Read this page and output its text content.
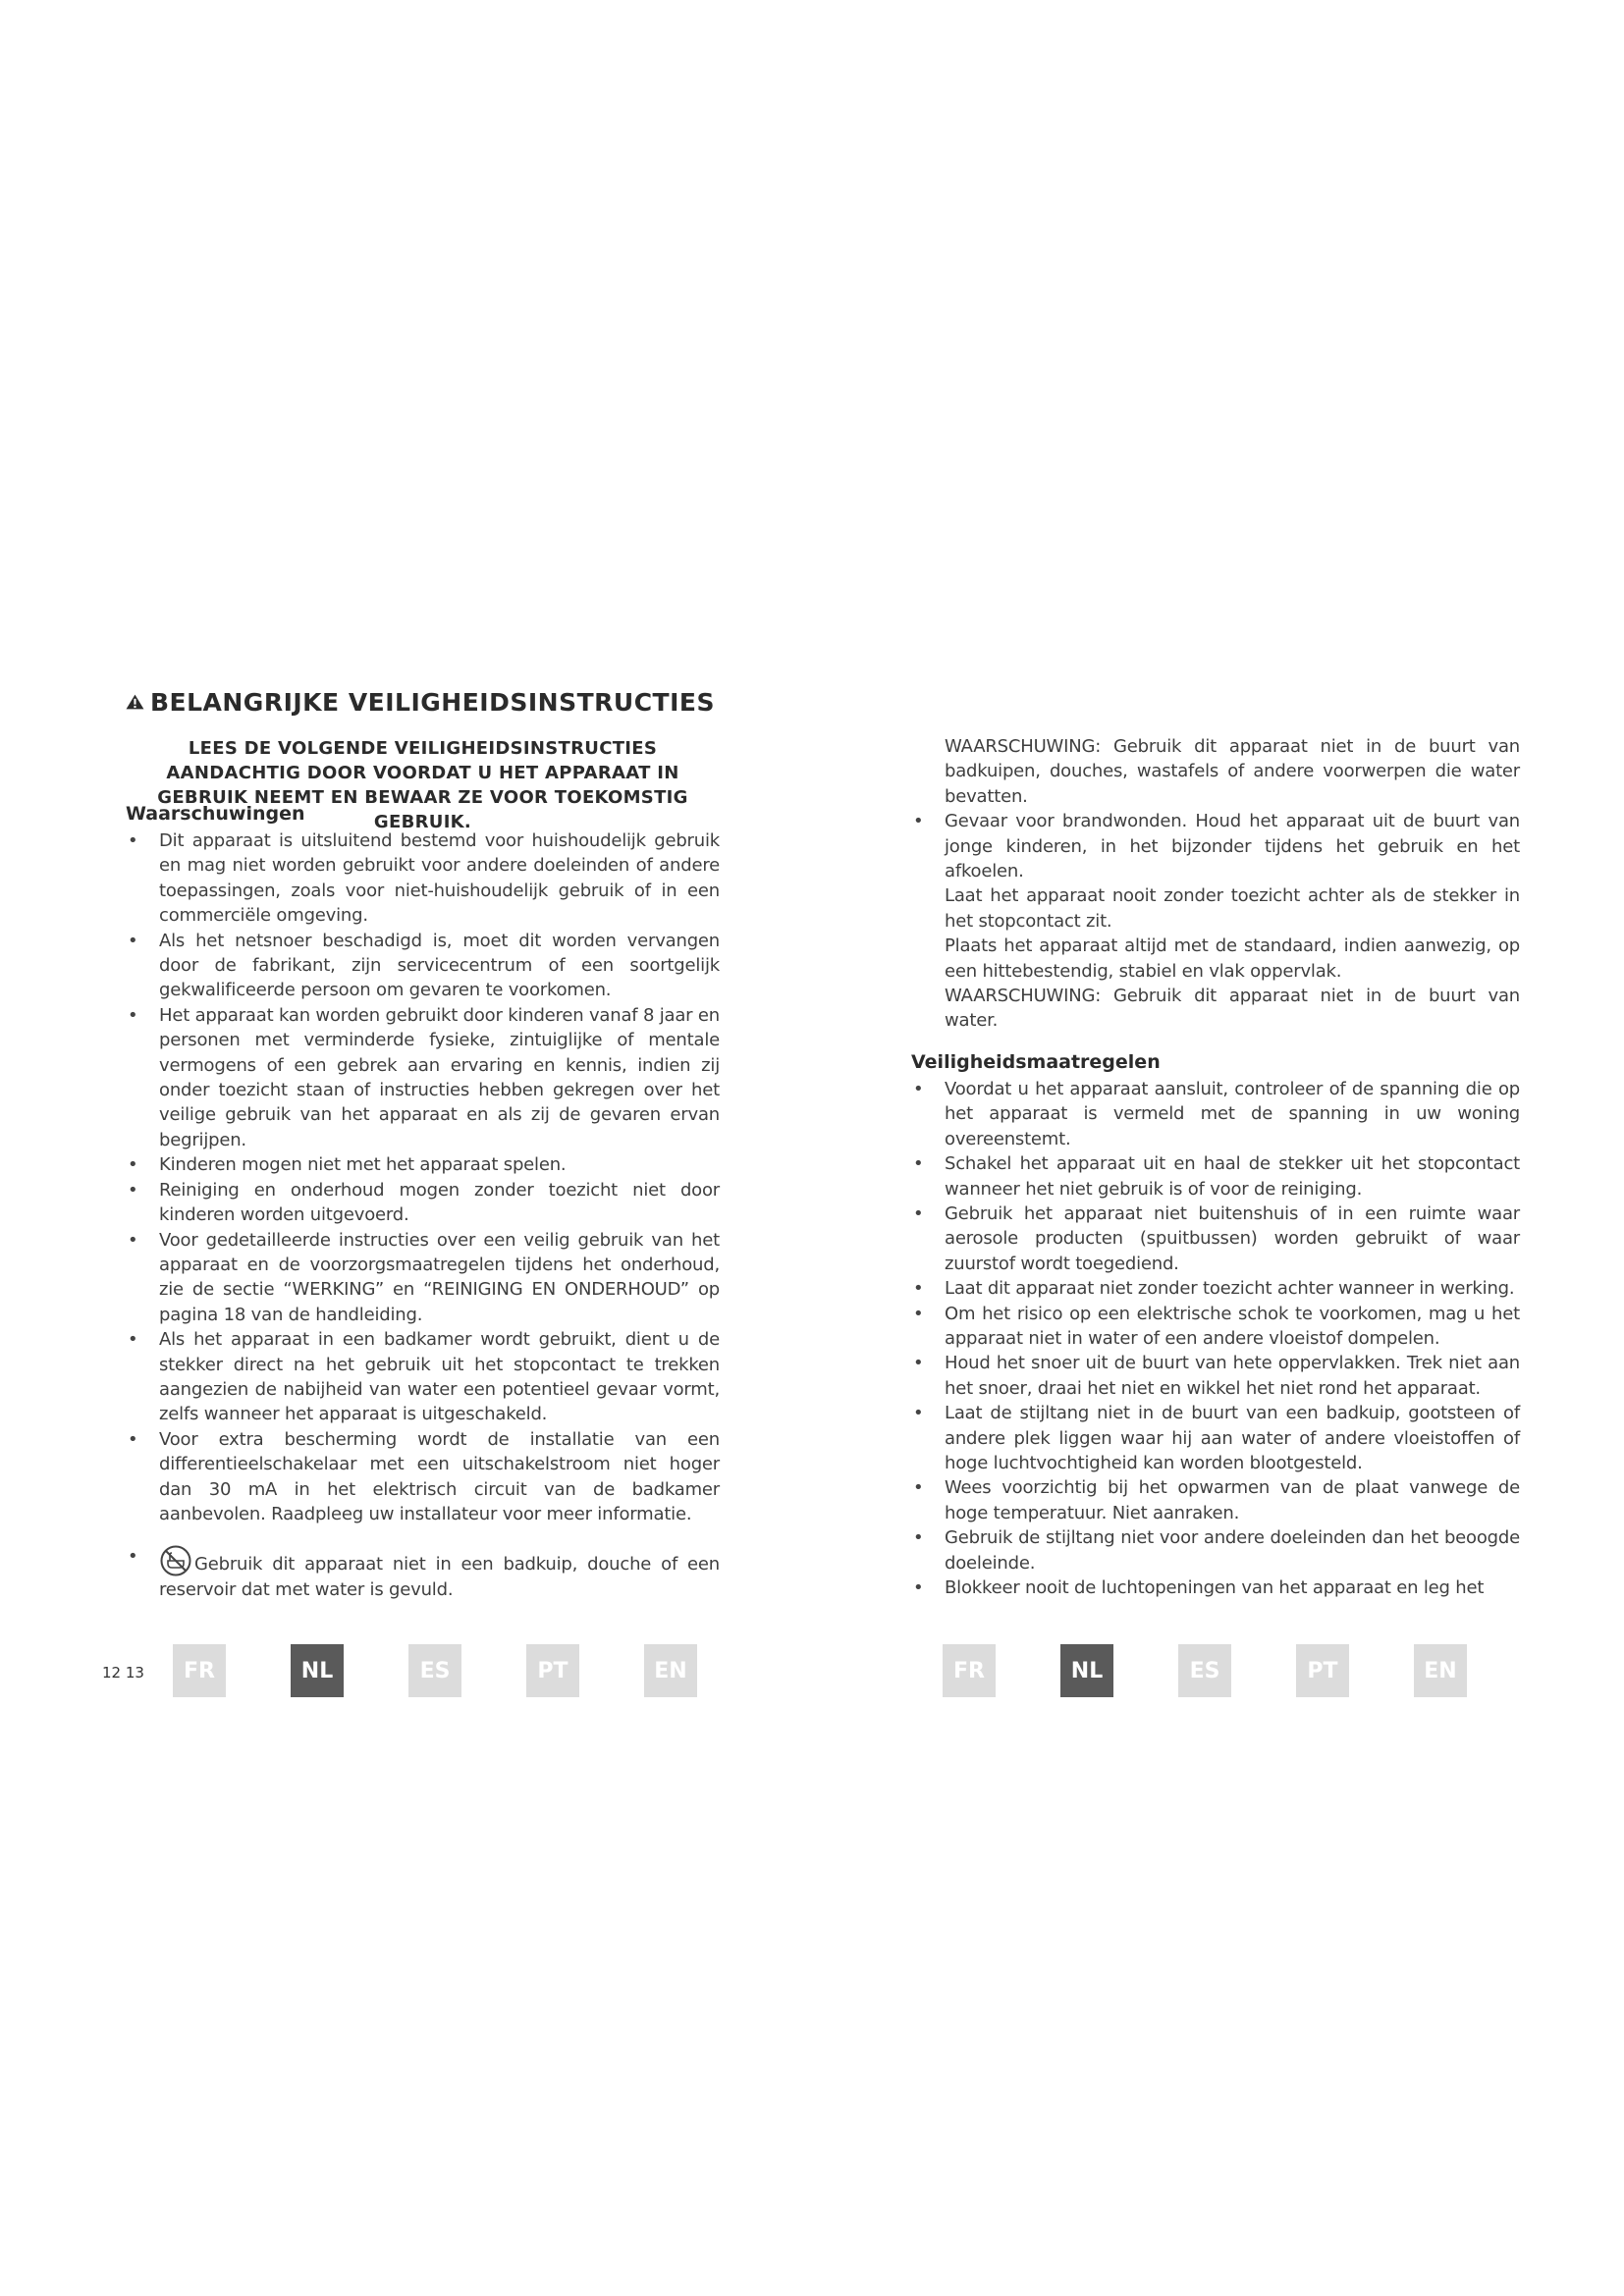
BELANGRIJKE VEILIGHEIDSINSTRUCTIES
LEES DE VOLGENDE VEILIGHEIDSINSTRUCTIES AANDACHTIG DOOR VOORDAT U HET APPARAAT IN GEBRUIK NEEMT EN BEWAAR ZE VOOR TOEKOMSTIG GEBRUIK.
Waarschuwingen
• Dit apparaat is uitsluitend bestemd voor huishoudelijk gebruik en mag niet worden gebruikt voor andere doeleinden of andere toepassingen, zoals voor niet-huishoudelijk gebruik of in een commerciële omgeving.
• Als het netsnoer beschadigd is, moet dit worden vervangen door de fabrikant, zijn servicecentrum of een soortgelijk gekwalificeerde persoon om gevaren te voorkomen.
• Het apparaat kan worden gebruikt door kinderen vanaf 8 jaar en personen met verminderde fysieke, zintuiglijke of mentale vermogens of een gebrek aan ervaring en kennis, indien zij onder toezicht staan of instructies hebben gekregen over het veilige gebruik van het apparaat en als zij de gevaren ervan begrijpen.
• Kinderen mogen niet met het apparaat spelen.
• Reiniging en onderhoud mogen zonder toezicht niet door kinderen worden uitgevoerd.
• Voor gedetailleerde instructies over een veilig gebruik van het apparaat en de voorzorgsmaatregelen tijdens het onderhoud, zie de sectie “WERKING” en “REINIGING EN ONDERHOUD” op pagina 18 van de handleiding.
• Als het apparaat in een badkamer wordt gebruikt, dient u de stekker direct na het gebruik uit het stopcontact te trekken aangezien de nabijheid van water een potentieel gevaar vormt, zelfs wanneer het apparaat is uitgeschakeld.
• Voor extra bescherming wordt de installatie van een differentieelschakelaar met een uitschakelstroom niet hoger dan 30 mA in het elektrisch circuit van de badkamer aanbevolen. Raadpleeg uw installateur voor meer informatie.
• Gebruik dit apparaat niet in een badkuip, douche of een reservoir dat met water is gevuld.
WAARSCHUWING: Gebruik dit apparaat niet in de buurt van badkuipen, douches, wastafels of andere voorwerpen die water bevatten.
• Gevaar voor brandwonden. Houd het apparaat uit de buurt van jonge kinderen, in het bijzonder tijdens het gebruik en het afkoelen.
Laat het apparaat nooit zonder toezicht achter als de stekker in het stopcontact zit.
Plaats het apparaat altijd met de standaard, indien aanwezig, op een hittebestendig, stabiel en vlak oppervlak.
WAARSCHUWING: Gebruik dit apparaat niet in de buurt van water.
Veiligheidsmaatregelen
• Voordat u het apparaat aansluit, controleer of de spanning die op het apparaat is vermeld met de spanning in uw woning overeenstemt.
• Schakel het apparaat uit en haal de stekker uit het stopcontact wanneer het niet gebruik is of voor de reiniging.
• Gebruik het apparaat niet buitenshuis of in een ruimte waar aerosole producten (spuitbussen) worden gebruikt of waar zuurstof wordt toegediend.
• Laat dit apparaat niet zonder toezicht achter wanneer in werking.
• Om het risico op een elektrische schok te voorkomen, mag u het apparaat niet in water of een andere vloeistof dompelen.
• Houd het snoer uit de buurt van hete oppervlakken. Trek niet aan het snoer, draai het niet en wikkel het niet rond het apparaat.
• Laat de stijltang niet in de buurt van een badkuip, gootsteen of andere plek liggen waar hij aan water of andere vloeistoffen of hoge luchtvochtigheid kan worden blootgesteld.
• Wees voorzichtig bij het opwarmen van de plaat vanwege de hoge temperatuur. Niet aanraken.
• Gebruik de stijltang niet voor andere doeleinden dan het beoogde doeleinde.
• Blokkeer nooit de luchtopeningen van het apparaat en leg het
12 13	FR	NL	ES	PT	EN	FR	NL	ES	PT	EN
